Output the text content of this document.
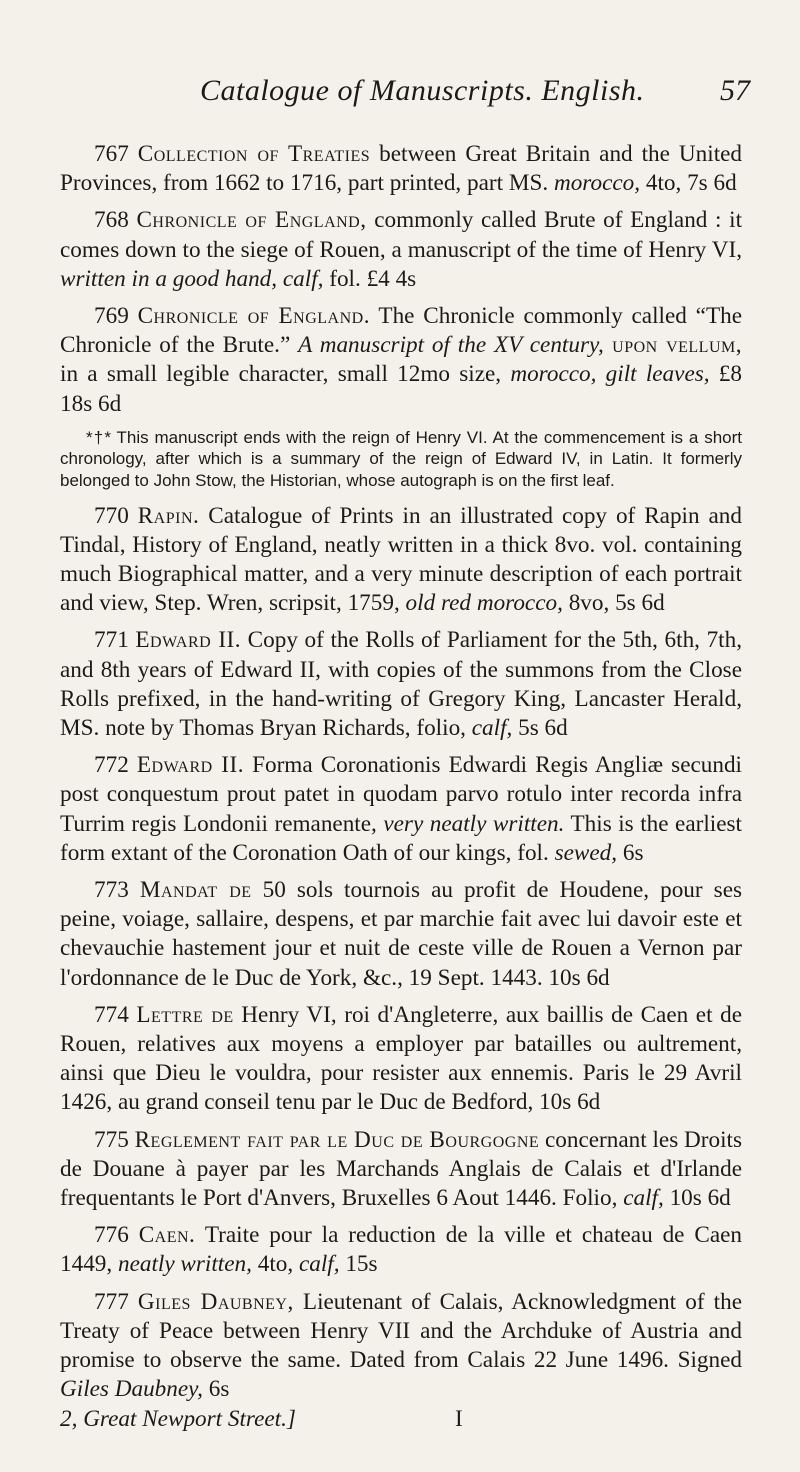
Catalogue of Manuscripts. English.	57

767 Collection of Treaties between Great Britain and the United Provinces, from 1662 to 1716, part printed, part MS. morocco, 4to, 7s 6d

768 Chronicle of England, commonly called Brute of England : it comes down to the siege of Rouen, a manuscript of the time of Henry VI, written in a good hand, calf, fol. £4 4s

769 Chronicle of England. The Chronicle commonly called “The Chronicle of the Brute.” A manuscript of the XV century, upon vellum, in a small legible character, small 12mo size, morocco, gilt leaves, £8 18s 6d

*†* This manuscript ends with the reign of Henry VI. At the commencement is a short chronology, after which is a summary of the reign of Edward IV, in Latin. It formerly belonged to John Stow, the Historian, whose autograph is on the first leaf.

770 Rapin. Catalogue of Prints in an illustrated copy of Rapin and Tindal, History of England, neatly written in a thick 8vo. vol. containing much Biographical matter, and a very minute description of each portrait and view, Step. Wren, scripsit, 1759, old red morocco, 8vo, 5s 6d

771 Edward II. Copy of the Rolls of Parliament for the 5th, 6th, 7th, and 8th years of Edward II, with copies of the summons from the Close Rolls prefixed, in the hand-writing of Gregory King, Lancaster Herald, MS. note by Thomas Bryan Richards, folio, calf, 5s 6d

772 Edward II. Forma Coronationis Edwardi Regis Angliæ secundi post conquestum prout patet in quodam parvo rotulo inter recorda infra Turrim regis Londonii remanente, very neatly written. This is the earliest form extant of the Coronation Oath of our kings, fol. sewed, 6s

773 Mandat de 50 sols tournois au profit de Houdene, pour ses peine, voiage, sallaire, despens, et par marchie fait avec lui davoir este et chevauchie hastement jour et nuit de ceste ville de Rouen a Vernon par l'ordonnance de le Duc de York, &c., 19 Sept. 1443. 10s 6d

774 Lettre de Henry VI, roi d'Angleterre, aux baillis de Caen et de Rouen, relatives aux moyens a employer par batailles ou aultrement, ainsi que Dieu le vouldra, pour resister aux ennemis. Paris le 29 Avril 1426, au grand conseil tenu par le Duc de Bedford, 10s 6d

775 Reglement fait par le Duc de Bourgogne concernant les Droits de Douane à payer par les Marchands Anglais de Calais et d'Irlande frequentants le Port d'Anvers, Bruxelles 6 Aout 1446. Folio, calf, 10s 6d

776 Caen. Traite pour la reduction de la ville et chateau de Caen 1449, neatly written, 4to, calf, 15s

777 Giles Daubney, Lieutenant of Calais, Acknowledgment of the Treaty of Peace between Henry VII and the Archduke of Austria and promise to observe the same. Dated from Calais 22 June 1496. Signed Giles Daubney, 6s

2, Great Newport Street.]	I
